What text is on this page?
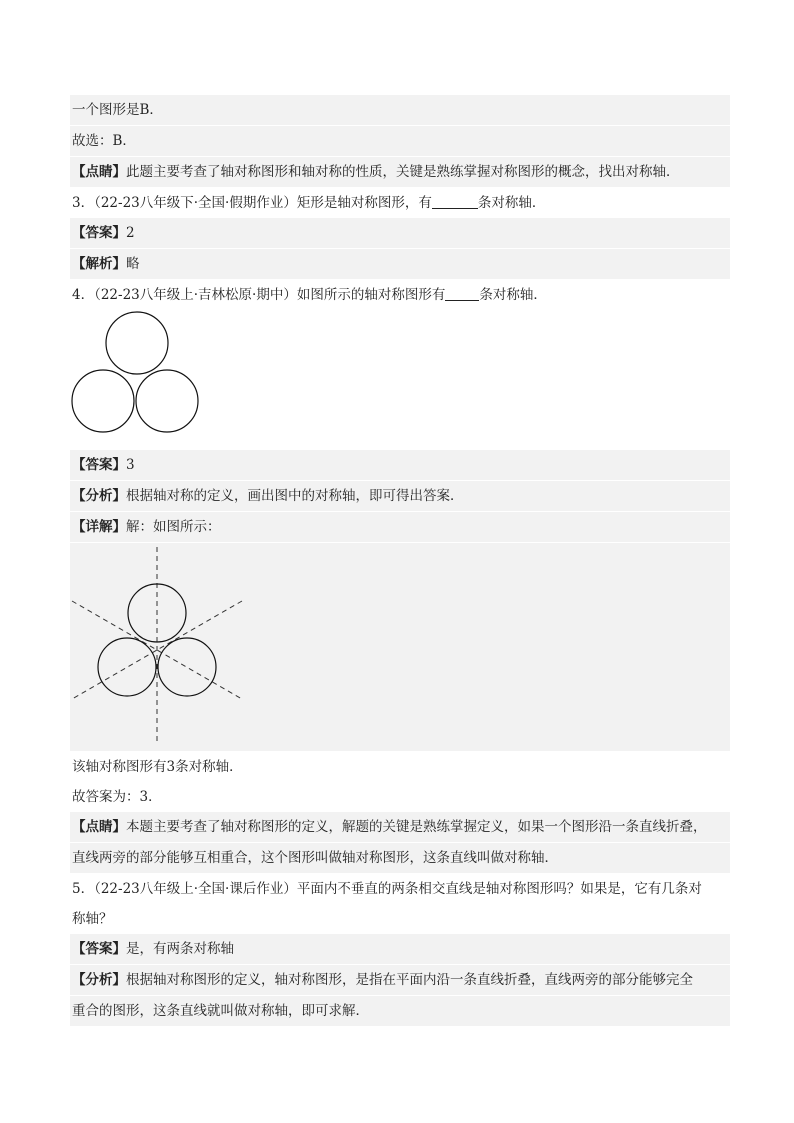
一个图形是B．
故选：B．
【点睛】此题主要考查了轴对称图形和轴对称的性质，关键是熟练掌握对称图形的概念，找出对称轴．
3．（22-23八年级下·全国·假期作业）矩形是轴对称图形，有	条对称轴．
【答案】2
【解析】略
4．（22-23八年级上·吉林松原·期中）如图所示的轴对称图形有	条对称轴．
【答案】3
【分析】根据轴对称的定义，画出图中的对称轴，即可得出答案．
【详解】解：如图所示：
该轴对称图形有3条对称轴．
故答案为：3．
【点睛】本题主要考查了轴对称图形的定义，解题的关键是熟练掌握定义，如果一个图形沿一条直线折叠，
直线两旁的部分能够互相重合，这个图形叫做轴对称图形，这条直线叫做对称轴．
5．（22-23八年级上·全国·课后作业）平面内不垂直的两条相交直线是轴对称图形吗？如果是，它有几条对
称轴？
【答案】是，有两条对称轴
【分析】根据轴对称图形的定义，轴对称图形，是指在平面内沿一条直线折叠，直线两旁的部分能够完全
重合的图形，这条直线就叫做对称轴，即可求解．
